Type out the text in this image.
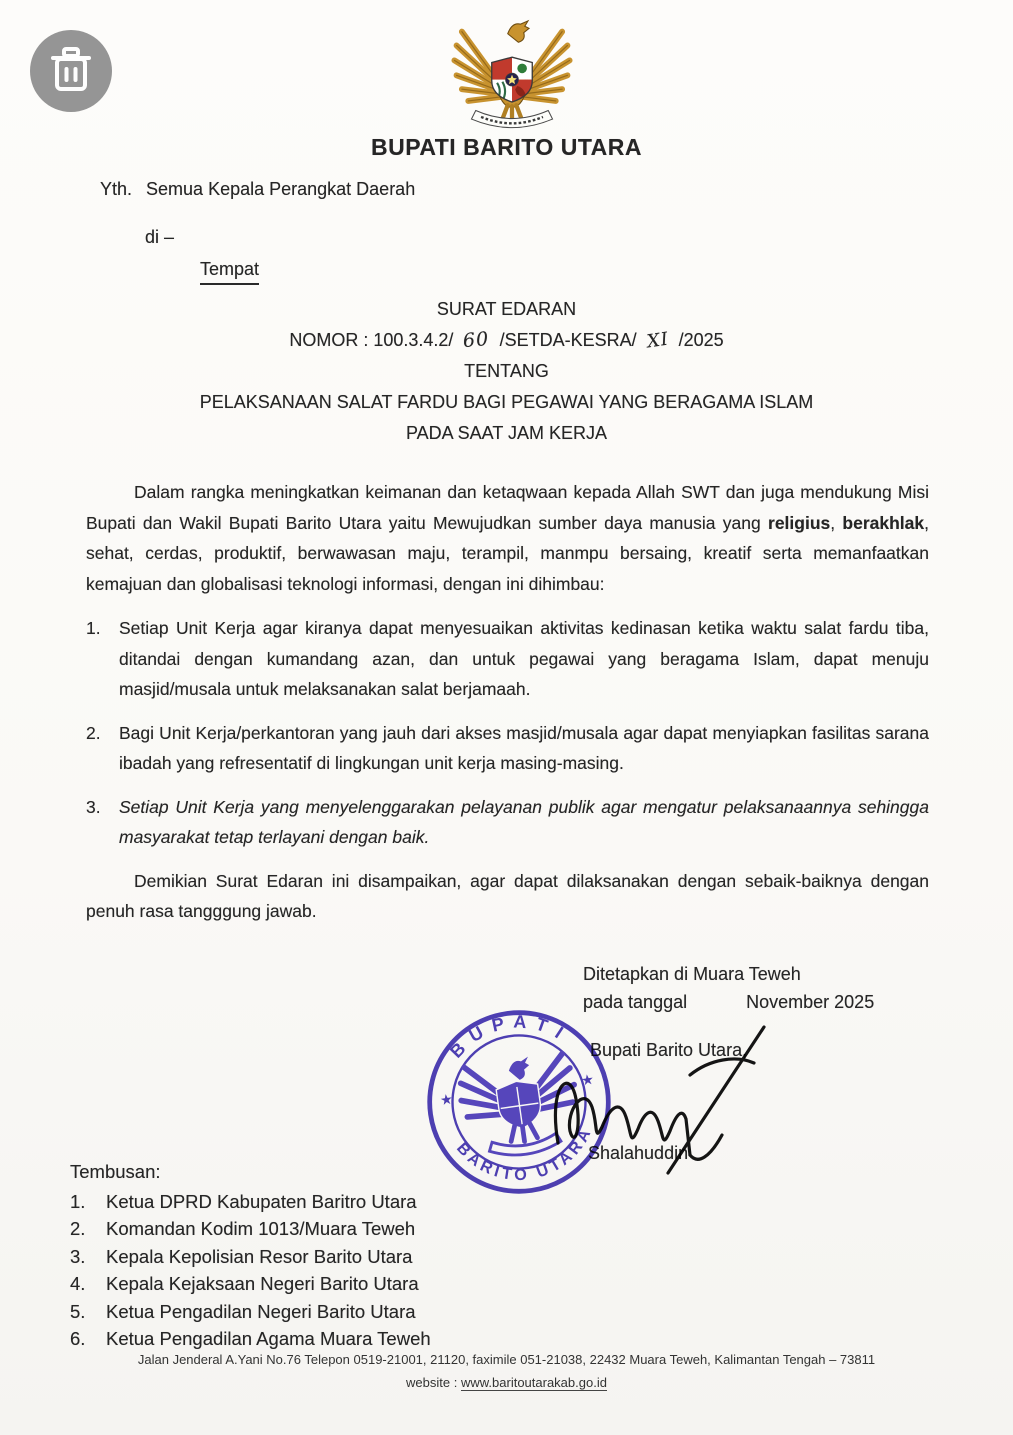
BUPATI BARITO UTARA
Yth. Semua Kepala Perangkat Daerah
di –
Tempat
SURAT EDARAN
NOMOR : 100.3.4.2/ 60 /SETDA-KESRA/ XI /2025
TENTANG
PELAKSANAAN SALAT FARDU BAGI PEGAWAI YANG BERAGAMA ISLAM
PADA SAAT JAM KERJA

Dalam rangka meningkatkan keimanan dan ketaqwaan kepada Allah SWT dan juga mendukung Misi Bupati dan Wakil Bupati Barito Utara yaitu Mewujudkan sumber daya manusia yang religius, berakhlak, sehat, cerdas, produktif, berwawasan maju, terampil, manmpu bersaing, kreatif serta memanfaatkan kemajuan dan globalisasi teknologi informasi, dengan ini dihimbau:

1.	Setiap Unit Kerja agar kiranya dapat menyesuaikan aktivitas kedinasan ketika waktu salat fardu tiba, ditandai dengan kumandang azan, dan untuk pegawai yang beragama Islam, dapat menuju masjid/musala untuk melaksanakan salat berjamaah.
2.	Bagi Unit Kerja/perkantoran yang jauh dari akses masjid/musala agar dapat menyiapkan fasilitas sarana ibadah yang refresentatif di lingkungan unit kerja masing-masing.
3.	Setiap Unit Kerja yang menyelenggarakan pelayanan publik agar mengatur pelaksanaannya sehingga masyarakat tetap terlayani dengan baik.

Demikian Surat Edaran ini disampaikan, agar dapat dilaksanakan dengan sebaik-baiknya dengan penuh rasa tangggung jawab.

Ditetapkan di Muara Teweh
pada tanggal	November 2025
Bupati Barito Utara,
Shalahuddin
BUPATI
BARITO UTARA
★
★
Tembusan:
1.	Ketua DPRD Kabupaten Baritro Utara
2.	Komandan Kodim 1013/Muara Teweh
3.	Kepala Kepolisian Resor Barito Utara
4.	Kepala Kejaksaan Negeri Barito Utara
5.	Ketua Pengadilan Negeri Barito Utara
6.	Ketua Pengadilan Agama Muara Teweh
Jalan Jenderal A.Yani No.76 Telepon 0519-21001, 21120, faximile 051-21038, 22432 Muara Teweh, Kalimantan Tengah – 73811
website : www.baritoutarakab.go.id
